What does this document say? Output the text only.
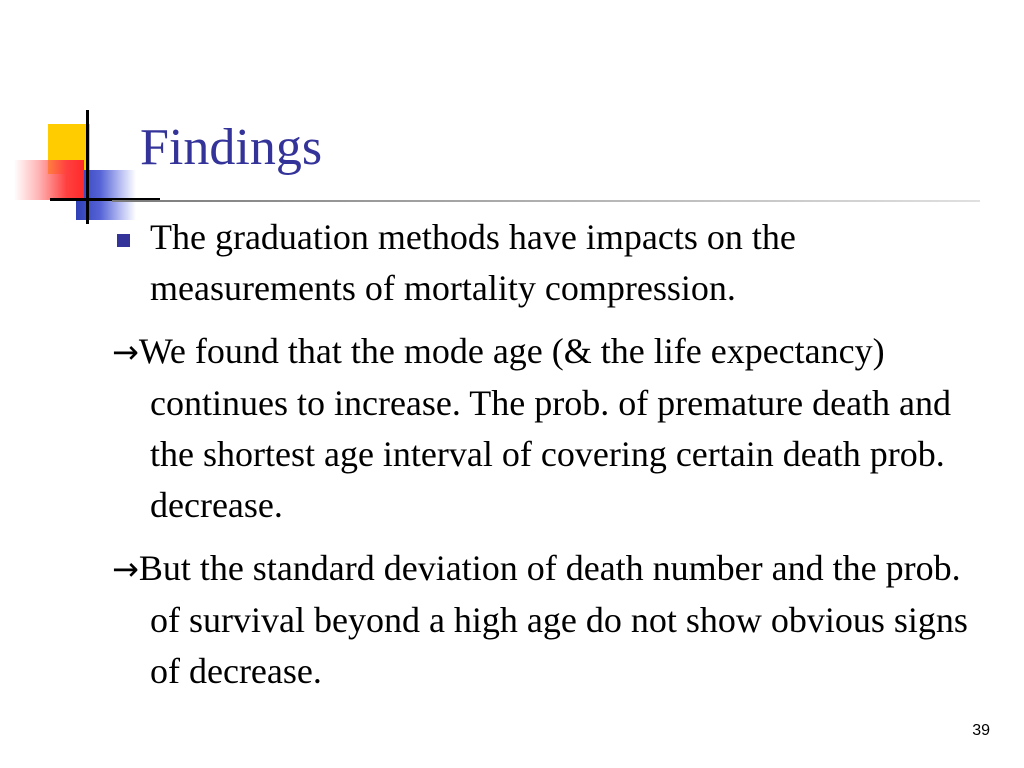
Findings
The graduation methods have impacts on the measurements of mortality compression.
→We found that the mode age (& the life expectancy) continues to increase. The prob. of premature death and the shortest age interval of covering certain death prob. decrease.
→But the standard deviation of death number and the prob. of survival beyond a high age do not show obvious signs of decrease.
39
